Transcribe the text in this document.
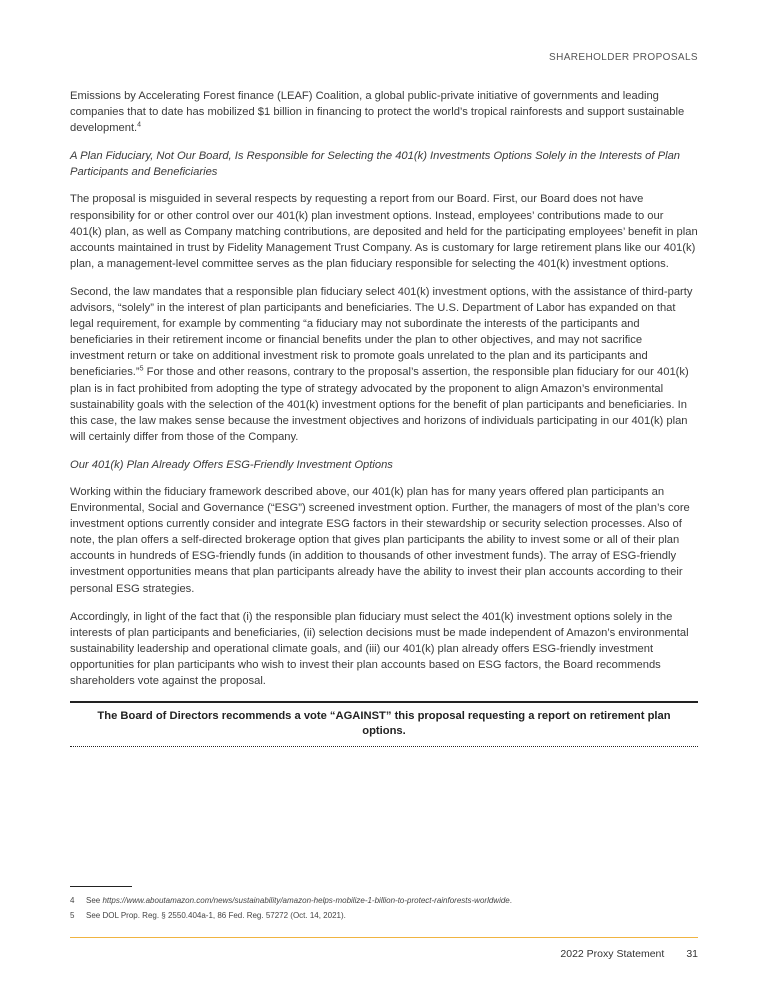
SHAREHOLDER PROPOSALS

Emissions by Accelerating Forest finance (LEAF) Coalition, a global public-private initiative of governments and leading companies that to date has mobilized $1 billion in financing to protect the world’s tropical rainforests and support sustainable development.$^4$

A Plan Fiduciary, Not Our Board, Is Responsible for Selecting the 401(k) Investments Options Solely in the Interests of Plan Participants and Beneficiaries

The proposal is misguided in several respects by requesting a report from our Board. First, our Board does not have responsibility for or other control over our 401(k) plan investment options. Instead, employees’ contributions made to our 401(k) plan, as well as Company matching contributions, are deposited and held for the participating employees’ benefit in plan accounts maintained in trust by Fidelity Management Trust Company. As is customary for large retirement plans like our 401(k) plan, a management-level committee serves as the plan fiduciary responsible for selecting the 401(k) investment options.

Second, the law mandates that a responsible plan fiduciary select 401(k) investment options, with the assistance of third-party advisors, “solely” in the interest of plan participants and beneficiaries. The U.S. Department of Labor has expanded on that legal requirement, for example by commenting “a fiduciary may not subordinate the interests of the participants and beneficiaries in their retirement income or financial benefits under the plan to other objectives, and may not sacrifice investment return or take on additional investment risk to promote goals unrelated to the plan and its participants and beneficiaries.”$^5$ For those and other reasons, contrary to the proposal’s assertion, the responsible plan fiduciary for our 401(k) plan is in fact prohibited from adopting the type of strategy advocated by the proponent to align Amazon’s environmental sustainability goals with the selection of the 401(k) investment options for the benefit of plan participants and beneficiaries. In this case, the law makes sense because the investment objectives and horizons of individuals participating in our 401(k) plan will certainly differ from those of the Company.

Our 401(k) Plan Already Offers ESG-Friendly Investment Options

Working within the fiduciary framework described above, our 401(k) plan has for many years offered plan participants an Environmental, Social and Governance (“ESG”) screened investment option. Further, the managers of most of the plan’s core investment options currently consider and integrate ESG factors in their stewardship or security selection processes. Also of note, the plan offers a self-directed brokerage option that gives plan participants the ability to invest some or all of their plan accounts in hundreds of ESG-friendly funds (in addition to thousands of other investment funds). The array of ESG-friendly investment opportunities means that plan participants already have the ability to invest their plan accounts according to their personal ESG strategies.

Accordingly, in light of the fact that (i) the responsible plan fiduciary must select the 401(k) investment options solely in the interests of plan participants and beneficiaries, (ii) selection decisions must be made independent of Amazon’s environmental sustainability leadership and operational climate goals, and (iii) our 401(k) plan already offers ESG-friendly investment opportunities for plan participants who wish to invest their plan accounts based on ESG factors, the Board recommends shareholders vote against the proposal.

The Board of Directors recommends a vote “AGAINST” this proposal requesting a report on retirement plan options.
4	See https://www.aboutamazon.com/news/sustainability/amazon-helps-mobilize-1-billion-to-protect-rainforests-worldwide.
5	See DOL Prop. Reg. § 2550.404a-1, 86 Fed. Reg. 57272 (Oct. 14, 2021).
2022 Proxy Statement 31
